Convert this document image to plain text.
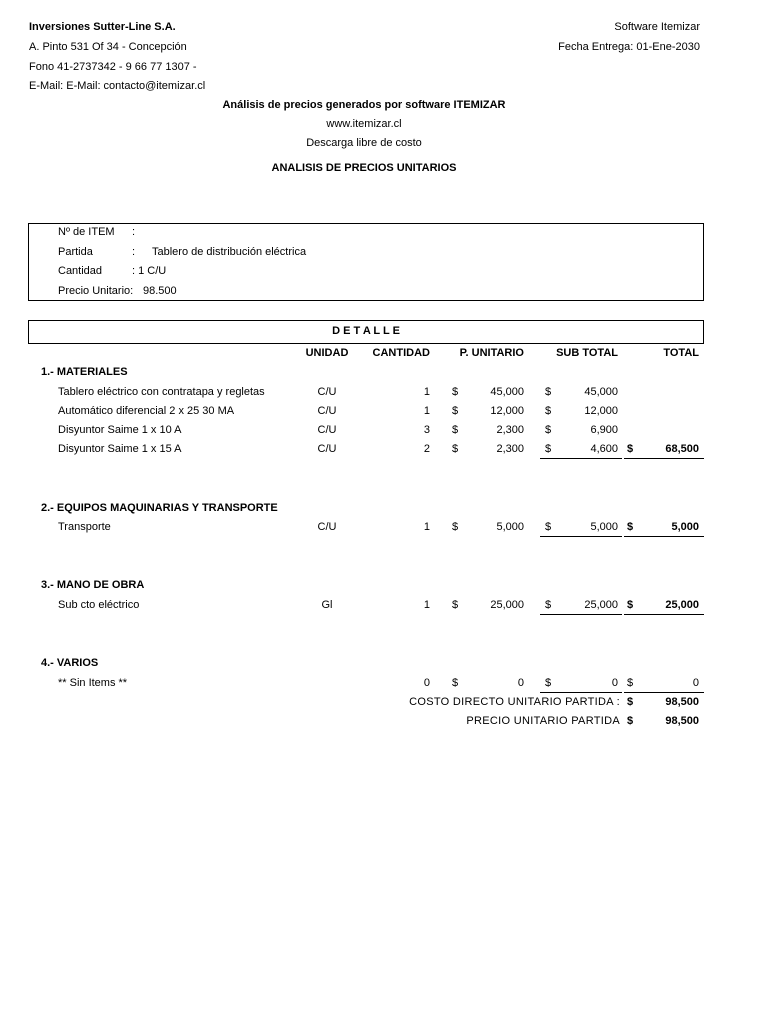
Inversiones Sutter-Line S.A.
A. Pinto 531 Of 34 - Concepción
Fono 41-2737342 - 9 66 77 1307 -
E-Mail: E-Mail: contacto@itemizar.cl
Software Itemizar
Fecha Entrega: 01-Ene-2030
Análisis de precios generados por software ITEMIZAR
www.itemizar.cl
Descarga libre de costo
ANALISIS DE PRECIOS UNITARIOS
Nº de ITEM :
Partida	: Tablero de distribución eléctrica
Cantidad	: 1 C/U
Precio Unitario: 98.500
D E T A L L E
UNIDAD	CANTIDAD	P. UNITARIO	SUB TOTAL	TOTAL
1.- MATERIALES
Tablero eléctrico con contratapa y regletas	C/U	1 $	45,000 $	45,000
Automático diferencial 2 x 25 30 MA	C/U	1 $	12,000 $	12,000
Disyuntor Saime 1 x 10 A	C/U	3 $	2,300 $	6,900
Disyuntor Saime 1 x 15 A	C/U	2 $	2,300 $	4,600 $	68,500
2.- EQUIPOS MAQUINARIAS Y TRANSPORTE
Transporte	C/U	1 $	5,000 $	5,000 $	5,000
3.- MANO DE OBRA
Sub cto eléctrico	Gl	1 $	25,000 $	25,000 $	25,000
4.- VARIOS
** Sin Items **	0 $	0 $	0 $	0
COSTO DIRECTO UNITARIO PARTIDA : $	98,500
PRECIO UNITARIO PARTIDA $	98,500
